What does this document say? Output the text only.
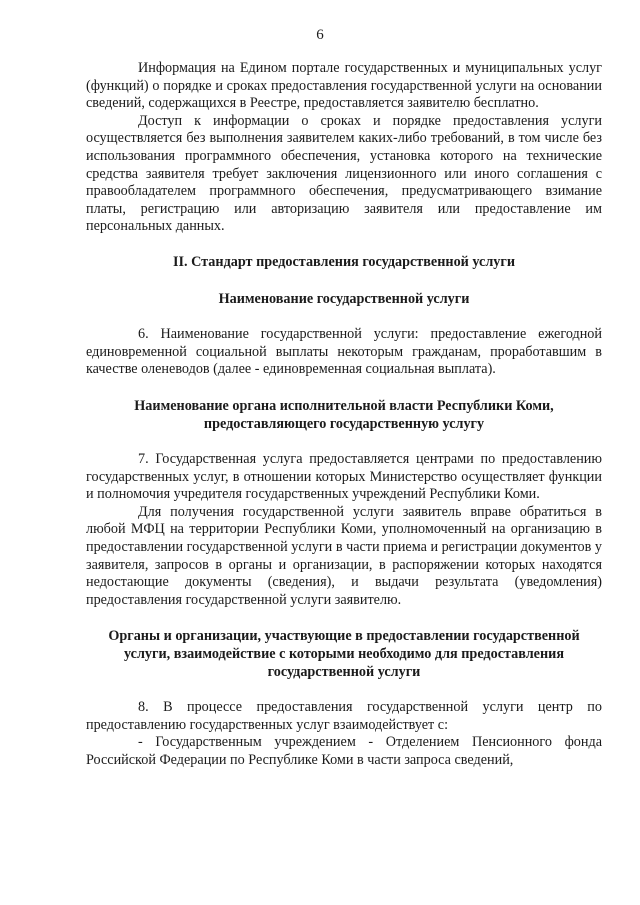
6

Информация на Едином портале государственных и муниципальных услуг (функций) о порядке и сроках предоставления государственной услуги на основании сведений, содержащихся в Реестре, предоставляется заявителю бесплатно.

Доступ к информации о сроках и порядке предоставления услуги осуществляется без выполнения заявителем каких-либо требований, в том числе без использования программного обеспечения, установка которого на технические средства заявителя требует заключения лицензионного или иного соглашения с правообладателем программного обеспечения, предусматривающего взимание платы, регистрацию или авторизацию заявителя или предоставление им персональных данных.

II. Стандарт предоставления государственной услуги

Наименование государственной услуги

6. Наименование государственной услуги: предоставление ежегодной единовременной социальной выплаты некоторым гражданам, проработавшим в качестве оленеводов (далее - единовременная социальная выплата).

Наименование органа исполнительной власти Республики Коми, предоставляющего государственную услугу

7. Государственная услуга предоставляется центрами по предоставлению государственных услуг, в отношении которых Министерство осуществляет функции и полномочия учредителя государственных учреждений Республики Коми.

Для получения государственной услуги заявитель вправе обратиться в любой МФЦ на территории Республики Коми, уполномоченный на организацию в предоставлении государственной услуги в части приема и регистрации документов у заявителя, запросов в органы и организации, в распоряжении которых находятся недостающие документы (сведения), и выдачи результата (уведомления) предоставления государственной услуги заявителю.

Органы и организации, участвующие в предоставлении государственной услуги, взаимодействие с которыми необходимо для предоставления государственной услуги

8. В процессе предоставления государственной услуги центр по предоставлению государственных услуг взаимодействует с:

- Государственным учреждением - Отделением Пенсионного фонда Российской Федерации по Республике Коми в части запроса сведений,
